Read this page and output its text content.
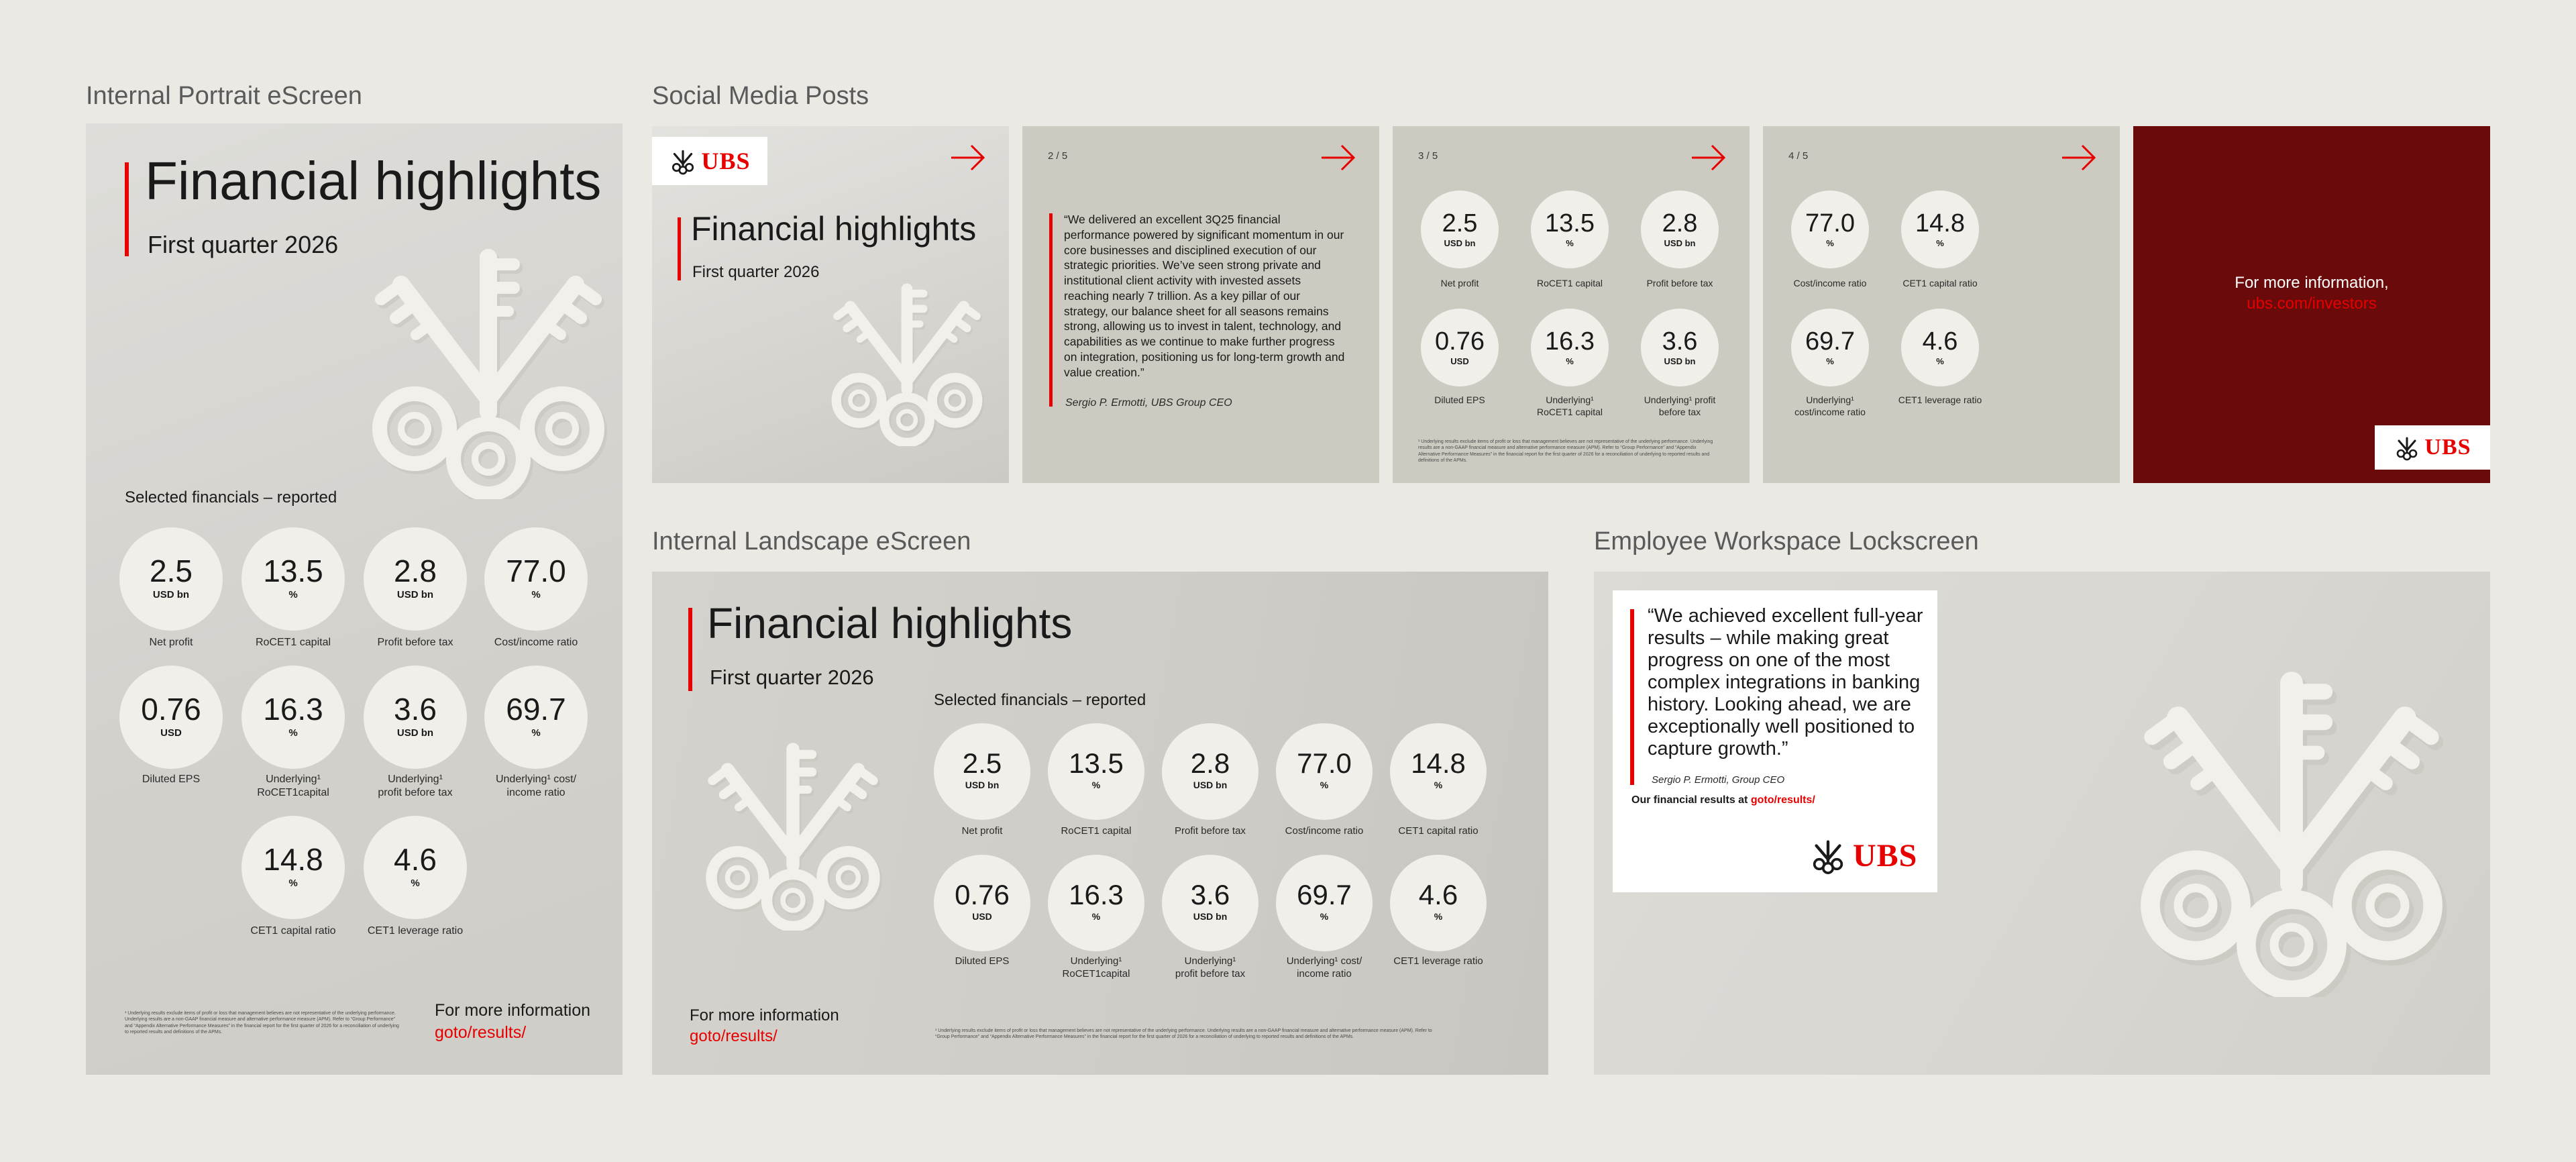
Internal Portrait eScreen	Social Media Posts
Internal Landscape eScreen	Employee Workspace Lockscreen
Financial highlights
First quarter 2026
Selected financials – reported
2.5
USD bn
Net profit
13.5
%
RoCET1 capital
2.8
USD bn
Profit before tax
77.0
%
Cost/income ratio
0.76
USD
Diluted EPS
16.3
%
Underlying¹
RoCET1capital
3.6
USD bn
Underlying¹
profit before tax
69.7
%
Underlying¹ cost/
income ratio
14.8
%
CET1 capital ratio
4.6
%
CET1 leverage ratio
¹ Underlying results exclude items of profit or loss that management believes are not representative of the underlying performance. Underlying results are a non-GAAP financial measure and alternative performance measure (APM). Refer to “Group Performance” and “Appendix Alternative Performance Measures” in the financial report for the first quarter of 2026 for a reconciliation of underlying to reported results and definitions of the APMs.
For more information
goto/results/
UBS
Financial highlights
First quarter 2026
2 / 5
“We delivered an excellent 3Q25 financial performance powered by significant momentum in our core businesses and disciplined execution of our strategic priorities. We’ve seen strong private and institutional client activity with invested assets reaching nearly 7 trillion. As a key pillar of our strategy, our balance sheet for all seasons remains strong, allowing us to invest in talent, technology, and capabilities as we continue to make further progress on integration, positioning us for long-term growth and value creation.”
Sergio P. Ermotti, UBS Group CEO
3 / 5
2.5
USD bn
Net profit
13.5
%
RoCET1 capital
2.8
USD bn
Profit before tax
0.76
USD
Diluted EPS
16.3
%
Underlying¹
RoCET1 capital
3.6
USD bn
Underlying¹ profit
before tax
¹ Underlying results exclude items of profit or loss that management believes are not representative of the underlying performance. Underlying results are a non-GAAP financial measure and alternative performance measure (APM). Refer to “Group Performance” and “Appendix Alternative Performance Measures” in the financial report for the first quarter of 2026 for a reconciliation of underlying to reported results and definitions of the APMs.
4 / 5
77.0
%
Cost/income ratio
14.8
%
CET1 capital ratio
69.7
%
Underlying¹
cost/income ratio
4.6
%
CET1 leverage ratio
For more information,
ubs.com/investors
UBS
Financial highlights
First quarter 2026
Selected financials – reported
2.5
USD bn
Net profit
13.5
%
RoCET1 capital
2.8
USD bn
Profit before tax
77.0
%
Cost/income ratio
14.8
%
CET1 capital ratio
0.76
USD
Diluted EPS
16.3
%
Underlying¹
RoCET1capital
3.6
USD bn
Underlying¹
profit before tax
69.7
%
Underlying¹ cost/
income ratio
4.6
%
CET1 leverage ratio
For more information
goto/results/	¹ Underlying results exclude items of profit or loss that management believes are not representative of the underlying performance. Underlying results are a non-GAAP financial measure and alternative performance measure (APM). Refer to “Group Performance” and “Appendix Alternative Performance Measures” in the financial report for the first quarter of 2026 for a reconciliation of underlying to reported results and definitions of the APMs.
“We achieved excellent full-year results – while making great progress on one of the most complex integrations in banking history. Looking ahead, we are exceptionally well positioned to capture growth.”
Sergio P. Ermotti, Group CEO
Our financial results at goto/results/
UBS
